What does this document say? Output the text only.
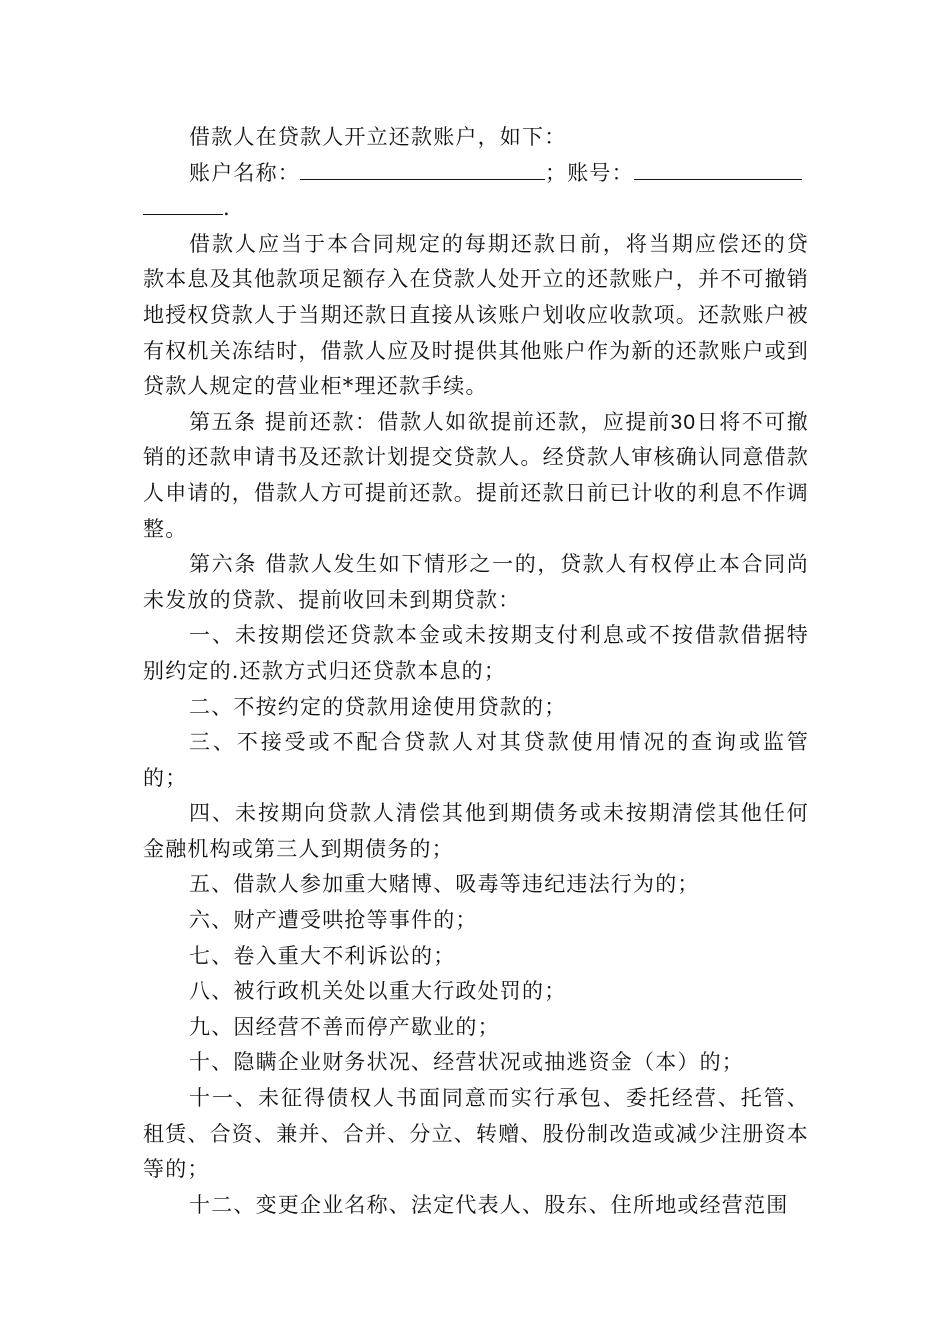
借款人在贷款人开立还款账户，如下：

账户名称：	；账号：

.

借款人应当于本合同规定的每期还款日前，将当期应偿还的贷款本息及其他款项足额存入在贷款人处开立的还款账户，并不可撤销地授权贷款人于当期还款日直接从该账户划收应收款项。还款账户被有权机关冻结时，借款人应及时提供其他账户作为新的还款账户或到贷款人规定的营业柜*理还款手续。

第五条 提前还款：借款人如欲提前还款，应提前30日将不可撤销的还款申请书及还款计划提交贷款人。经贷款人审核确认同意借款人申请的，借款人方可提前还款。提前还款日前已计收的利息不作调整。

第六条 借款人发生如下情形之一的，贷款人有权停止本合同尚未发放的贷款、提前收回未到期贷款：

一、未按期偿还贷款本金或未按期支付利息或不按借款借据特别约定的.还款方式归还贷款本息的；

二、不按约定的贷款用途使用贷款的；

三、不接受或不配合贷款人对其贷款使用情况的查询或监管的；

四、未按期向贷款人清偿其他到期债务或未按期清偿其他任何金融机构或第三人到期债务的；

五、借款人参加重大赌博、吸毒等违纪违法行为的；

六、财产遭受哄抢等事件的；

七、卷入重大不利诉讼的；

八、被行政机关处以重大行政处罚的；

九、因经营不善而停产歇业的；

十、隐瞒企业财务状况、经营状况或抽逃资金（本）的；

十一、未征得债权人书面同意而实行承包、委托经营、托管、租赁、合资、兼并、合并、分立、转赠、股份制改造或减少注册资本等的；

十二、变更企业名称、法定代表人、股东、住所地或经营范围
